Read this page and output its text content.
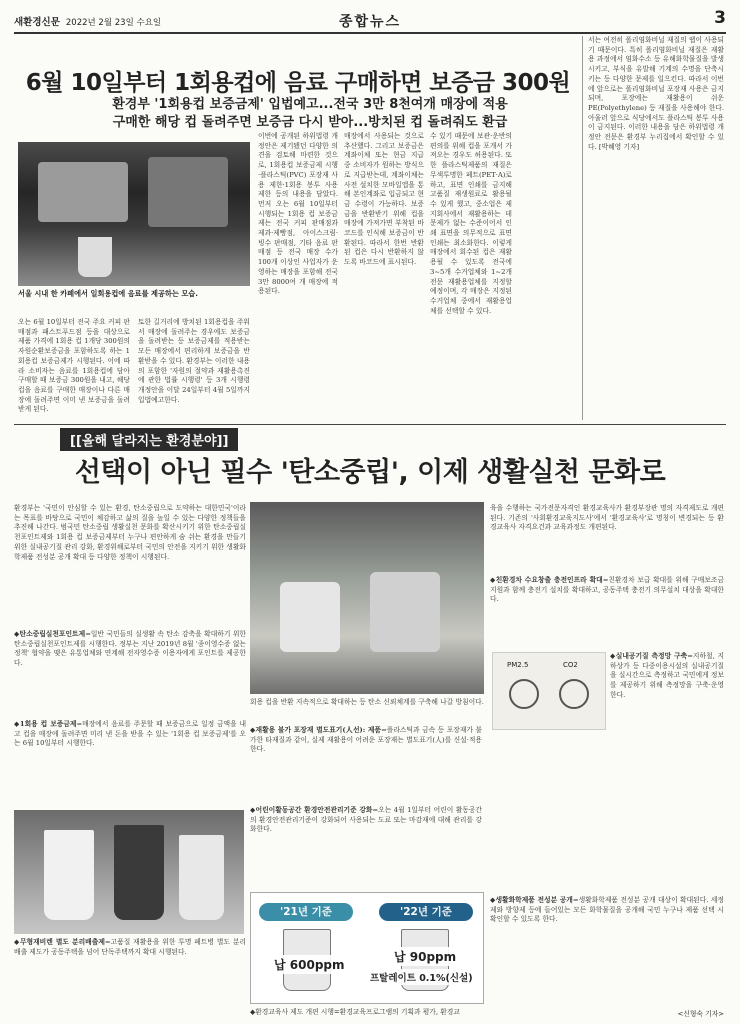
새환경신문 2022년 2월 23일 수요일	종합뉴스	3
6월 10일부터 1회용컵에 음료 구매하면 보증금 300원
환경부 '1회용컵 보증금제' 입법예고...전국 3만 8천여개 매장에 적용
구매한 해당 컵 돌려주면 보증금 다시 받아...방치된 컵 돌려줘도 환급
서울 시내 한 카페에서 일회용컵에 음료를 제공하는 모습.
오는 6월 10일부터 전국 주요 커피 판매점과 패스트푸드점 등을 대상으로 제품 가격에 1회용 컵 1개당 300원의 자원순환보증금을 포함하도록 하는 1회용컵 보증금제가 시행된다. 이에 따라 소비자는 음료를 1회용컵에 담아 구매할 때 보증금 300원을 내고, 해당 컵을 음료를 구매한 매장이나 다른 매장에 돌려주면 이미 낸 보증금을 돌려받게 된다.
토한 길거리에 방치된 1회용컵을 주워서 매장에 돌려주는 경우에도 보증금을 돌려받는 등 보증금제를 적용받는 모든 매장에서 편리하게 보증금을 반환받을 수 있다. 환경부는 이러한 내용의 포함한 '자원의 절약과 재활용촉진에 관한 법률 시행령' 등 3개 시행령 개정안을 이달 24일부터 4월 5일까지 입법예고한다.
이번에 공개된 하위법령 개정안은 제기됐던 다양한 의견을 검토해 마련한 것으로, 1회용컵 보증금제 시행·플라스틱(PVC) 포장재 사용 제한·1회용 봉투 사용 제한 등의 내용을 담았다. 먼저 오는 6월 10일부터 시행되는 1회용 컵 보증금제는 전국 커피 판매점과 제과·제빵점, 아이스크림·빙수 판매점, 기타 음료 판매점 등 전국 매장 수가 100개 이상인 사업자가 운영하는 매장을 포함해 전국 3만 8000여 개 매장에 적용된다.
매장에서 사용되는 것으로 추산했다. 그리고 보증금은 계좌이체 또는 현금 지급 중 소비자가 원하는 방식으로 지급받는데, 계좌이체는 사전 설치한 모바일앱을 통해 본인계좌로 입금되고 현금 수령이 가능하다. 보증금을 반환받기 위해 컵을 매장에 가져가면 부착된 바코드를 인식해 보증금이 반환된다. 따라서 한번 반환된 컵은 다시 반환하지 않도록 바코드에 표시된다.
수 있기 때문에 보관·운반의 편의를 위해 컵을 포개서 가져오는 경우도 허용된다. 또한 플라스틱제품의 재질은 무색투명한 페트(PET·A)로 하고, 표면 인쇄를 금지해 고품질 재생원료로 활용될 수 있게 했고, 중소업은 제지회사에서 재활용하는 데 문제가 없는 수준이어서 인쇄 표면을 의무적으로 표면 인쇄는 최소화한다. 이렇게 매장에서 회수된 컵은 재활용될 수 있도록 전국에 3~5개 수거업체와 1~2개 전문 재활용업체를 지정할 예정이며, 각 매장은 지정된 수거업체 중에서 재활용업체를 선택할 수 있다.
서는 여전히 폴리염화비닐 재질의 랩이 사용되기 때문이다. 특히 폴리염화비닐 재질은 재활용 과정에서 염화수소 등 유해화학물질을 발생시키고, 부식을 유발해 기계의 수명을 단축시키는 등 다양한 문제를 일으킨다. 따라서 이번에 앞으로는 폴리염화비닐 포장재 사용은 금지되며, 포장에는 재활용이 쉬운 PE(Polyethylene) 등 재질을 사용해야 한다. 아울러 앞으로 식당에서도 플라스틱 봉투 사용이 금지된다. 이러한 내용을 담은 하위법령 개정안 전문은 환경부 누리집에서 확인할 수 있다. [박혜영 기자]
[[올해 달라지는 환경분야]]
선택이 아닌 필수 '탄소중립', 이제 생활실천 문화로
환경부는 '국민이 안심할 수 있는 환경, 탄소중립으로 도약하는 대한민국'이라는 목표를 바탕으로 국민이 체감하고 삶의 질을 높일 수 있는 다양한 정책들을 추진해 나간다. 범국민 탄소중립 생활실천 문화를 확산시키기 위한 탄소중립실천포인트제와 1회용 컵 보증금제부터 누구나 편안하게 숨 쉬는 환경을 만들기 위한 실내공기질 관리 강화, 환경위해로부터 국민의 안전을 지키기 위한 생활화학제품 전성분 공개 확대 등 다양한 정책이 시행된다.
◆탄소중립실천포인트제=일반 국민들의 실생활 속 탄소 감축을 확대하기 위한 탄소중립실천포인트제를 시행한다. 정부는 지난 2019년 8월 '종이영수증 없는 정책' 협약을 맺은 유통업체와 연계해 전자영수증 이용자에게 포인트를 제공한다.
◆1회용 컵 보증금제=매장에서 음료를 주문할 때 보증금으로 일정 금액을 내고 컵을 매장에 돌려주면 미리 낸 돈을 받을 수 있는 '1회용 컵 보증금제'를 오는 6월 10일부터 시행한다.
◆무형재비렌 별도 분리배출제=고품질 재활용을 위한 투명 페트병 별도 분리배출 제도가 공동주택을 넘어 단독주택까지 확대 시행된다.
회용 컵을 반환 지속적으로 확대하는 등 탄소 신뢰체계를 구축해 나갈 방침이다.
◆재활용 불가 포장재 별도표기(人선): 제품=플라스틱과 금속 등 포장재가 불가한 타재질과 같이, 실제 재활용이 어려운 포장재는 별도표기(人)를 신설·적용한다.
◆어린이활동공간 환경안전관리기준 강화=오는 4월 1일부터 어린이 활동공간의 환경안전관리기준이 강화되어 사용되는 도료 또는 마감재에 대해 관리를 강화한다.
'21년 기준	'22년 기준
납 600ppm
납 90ppm
프탈레이트 0.1%(신설)
◆환경교육사 제도 개편 시행=환경교육프로그램의 기획과 평가, 환경교
육을 수행하는 국가전문자격인 환경교육사가 환경부장관 명의 자격제도로 개편된다. 기존의 '사회환경교육지도사'에서 '환경교육사'로 명칭이 변경되는 등 환경교육사 자격요건과 교육과정도 개편된다.
◆친환경차 수요창출 충전인프라 확대=친환경차 보급 확대를 위해 구매보조금 지원과 함께 충전기 설치를 확대하고, 공동주택 충전기 의무설치 대상을 확대한다.
PM2.5	CO2
◆실내공기질 측정망 구축=지하철, 지하상가 등 다중이용시설의 실내공기질을 실시간으로 측정하고 국민에게 정보를 제공하기 위해 측정망을 구축·운영한다.
◆생활화학제품 전성분 공개=생활화학제품 전성분 공개 대상이 확대된다. 세정제와 방향제 등에 들어있는 모든 화학물질을 공개해 국민 누구나 제품 선택 시 확인할 수 있도록 한다.
<신형숙 기자>
